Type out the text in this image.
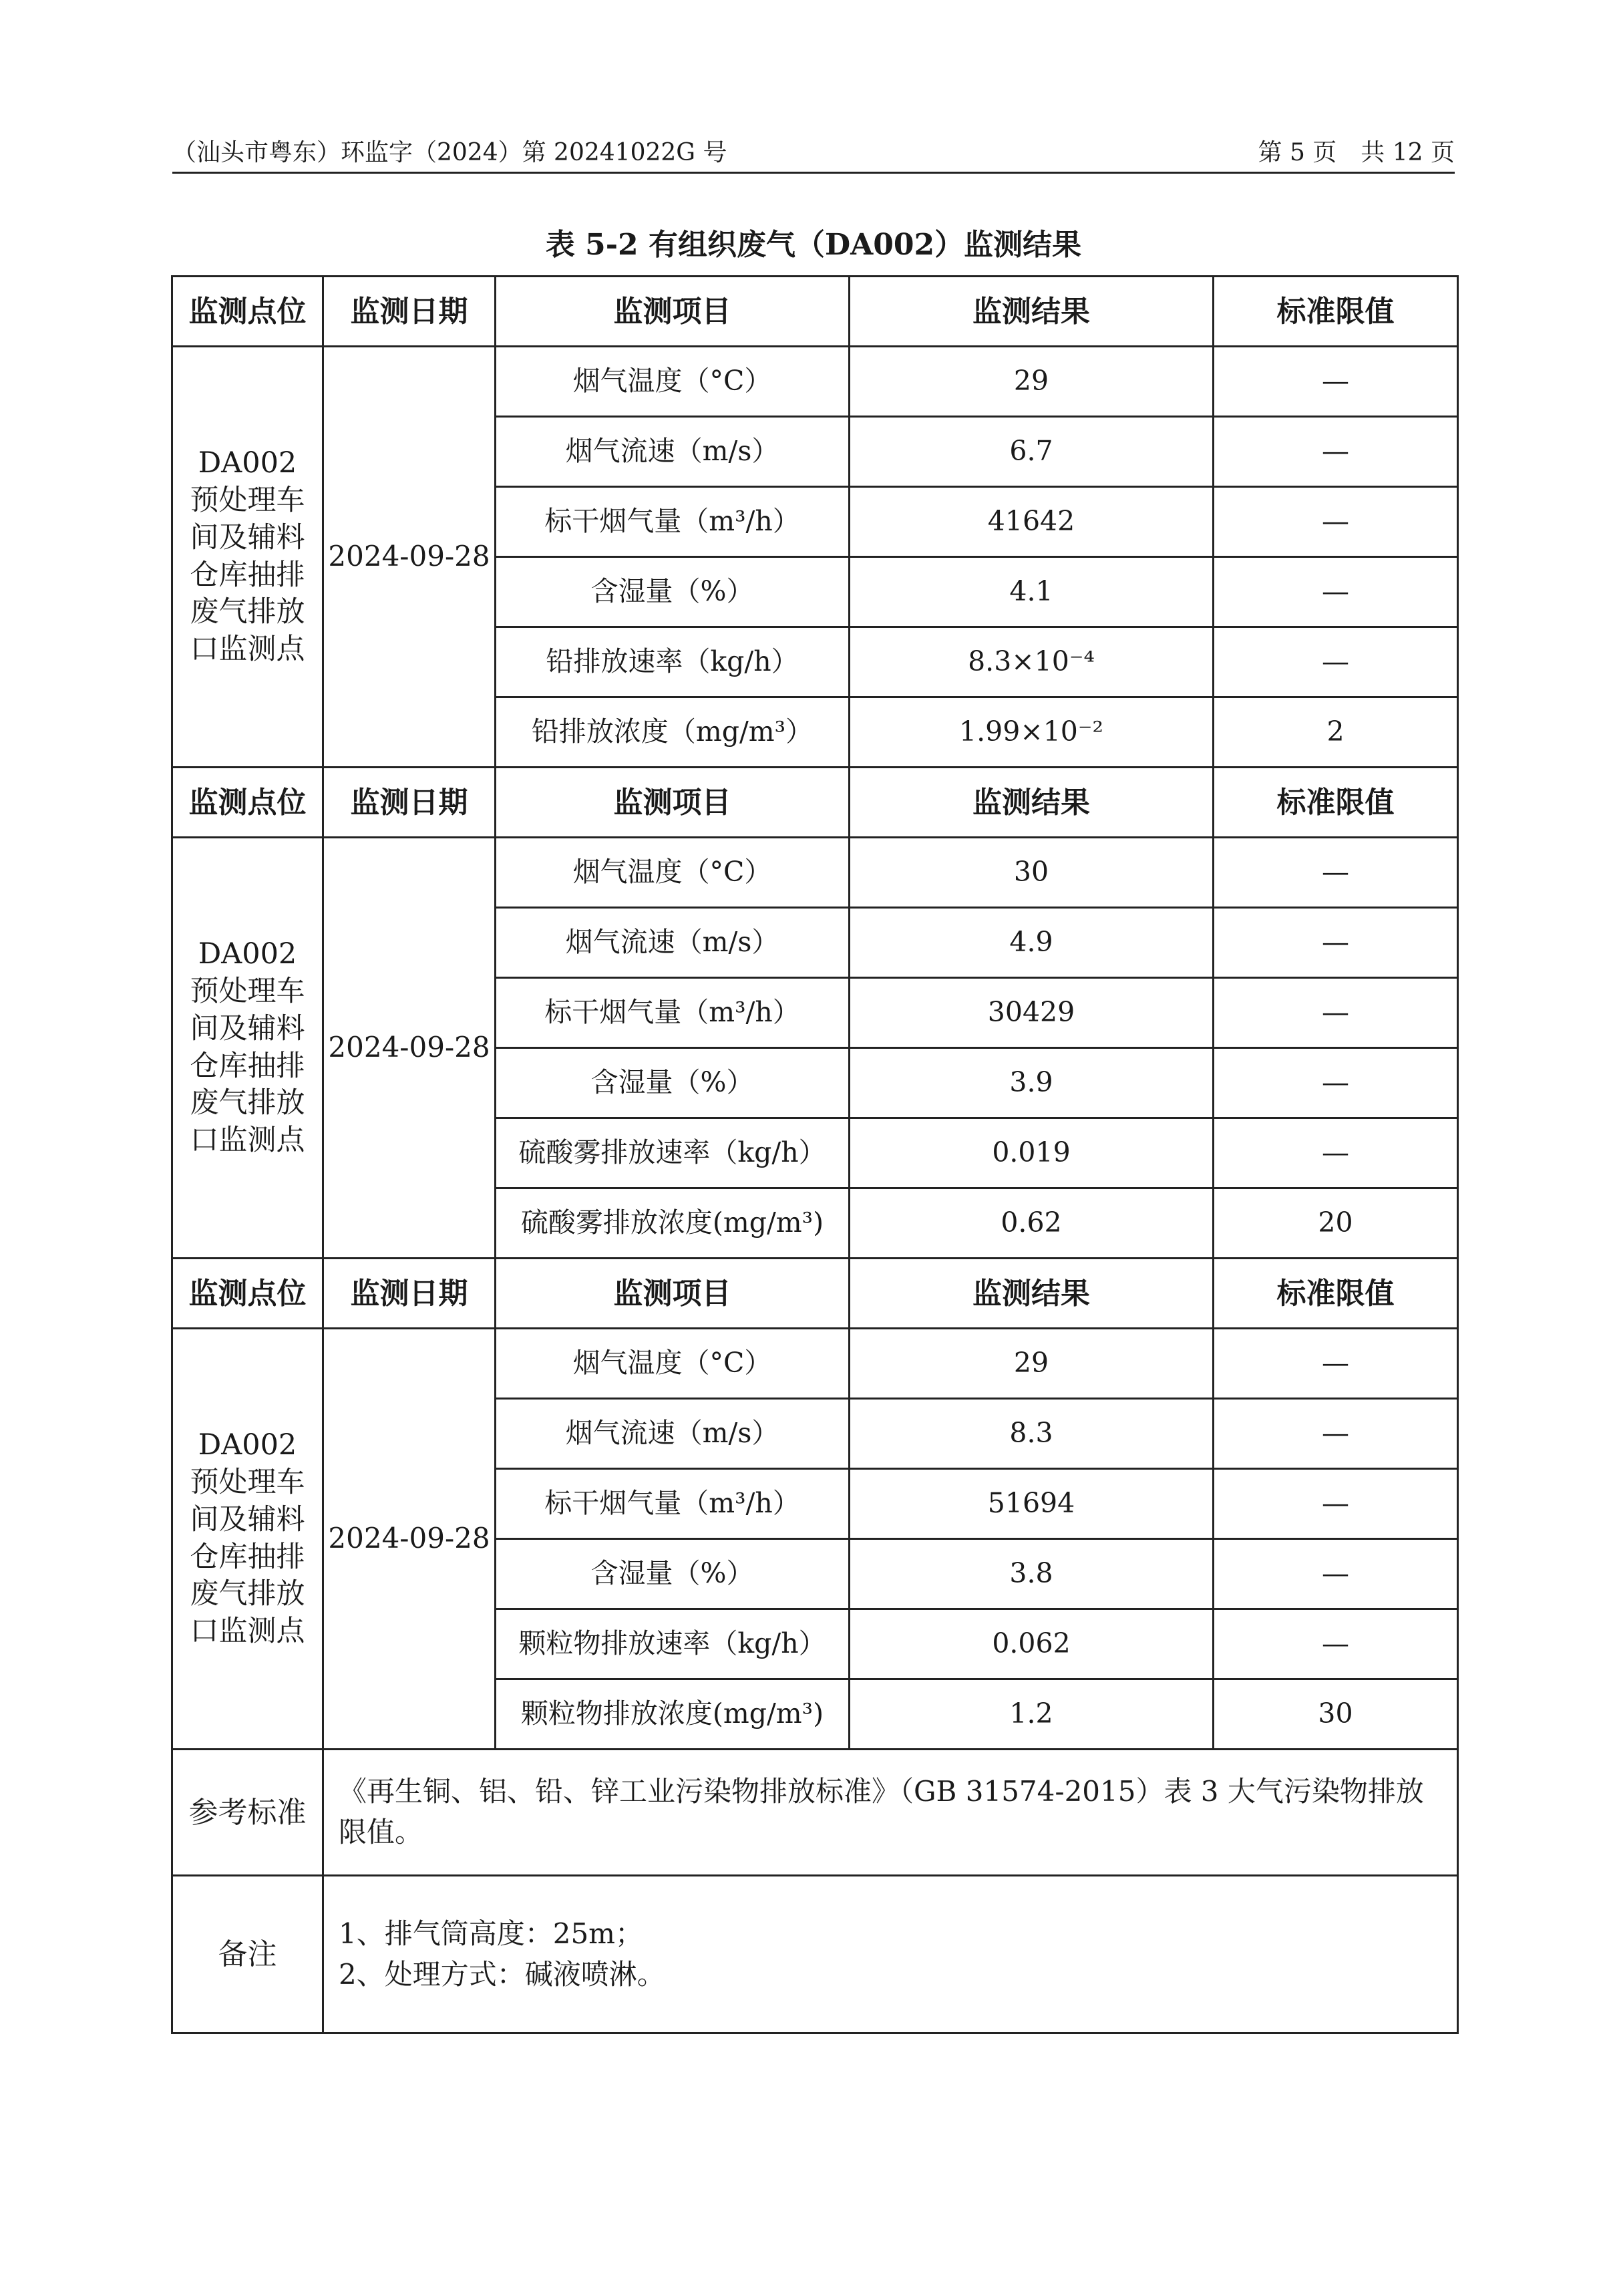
（汕头市粤东）环监字（2024）第 20241022G 号	第 5 页　共 12 页
表 5-2 有组织废气（DA002）监测结果
监测点位	监测日期	监测项目	监测结果	标准限值
DA002预处理车间及辅料仓库抽排废气排放口监测点	2024-09-28	烟气温度（°C）	29	—
		烟气流速（m/s）	6.7	—
		标干烟气量（m³/h）	41642	—
		含湿量（%）	4.1	—
		铅排放速率（kg/h）	8.3×10⁻⁴	—
		铅排放浓度（mg/m³）	1.99×10⁻²	2
监测点位	监测日期	监测项目	监测结果	标准限值
DA002预处理车间及辅料仓库抽排废气排放口监测点	2024-09-28	烟气温度（°C）	30	—
		烟气流速（m/s）	4.9	—
		标干烟气量（m³/h）	30429	—
		含湿量（%）	3.9	—
		硫酸雾排放速率（kg/h）	0.019	—
		硫酸雾排放浓度(mg/m³)	0.62	20
监测点位	监测日期	监测项目	监测结果	标准限值
DA002预处理车间及辅料仓库抽排废气排放口监测点	2024-09-28	烟气温度（°C）	29	—
		烟气流速（m/s）	8.3	—
		标干烟气量（m³/h）	51694	—
		含湿量（%）	3.8	—
		颗粒物排放速率（kg/h）	0.062	—
		颗粒物排放浓度(mg/m³)	1.2	30
参考标准	《再生铜、铝、铅、锌工业污染物排放标准》（GB 31574-2015）表 3 大气污染物排放限值。			
备注	1、排气筒高度：25m；
2、处理方式：碱液喷淋。			
